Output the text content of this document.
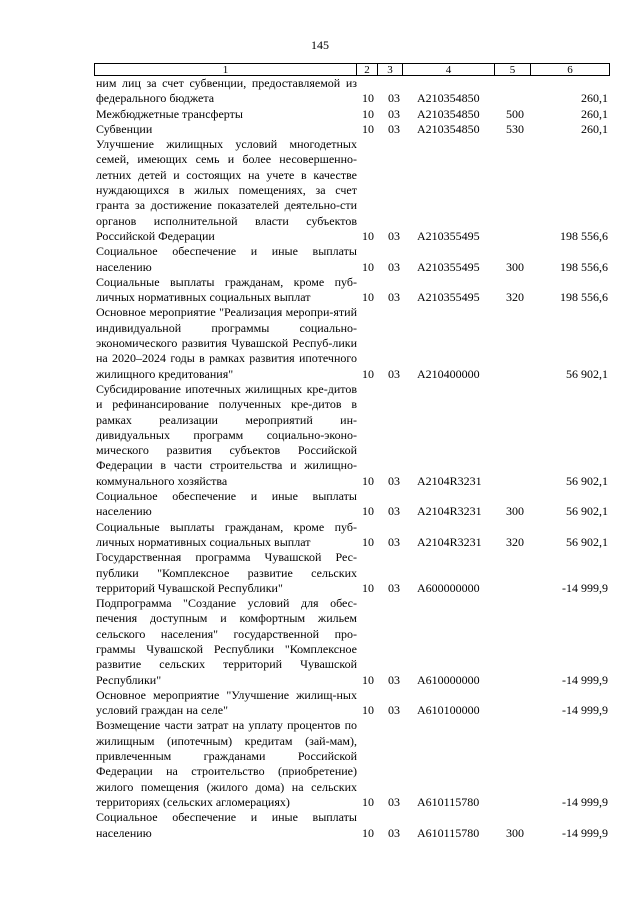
145
1	2	3	4	5	6
ним лиц за счет субвенции, предоставляемой из федерального бюджета	10 03 A210354850	260,1
Межбюджетные трансферты	10 03 A210354850 500	260,1
Субвенции	10 03 A210354850 530	260,1
Улучшение жилищных условий многодетных семей, имеющих семь и более несовершенно-летних детей и состоящих на учете в качестве нуждающихся в жилых помещениях, за счет гранта за достижение показателей деятельно-сти органов исполнительной власти субъектов Российской Федерации	10 03 A210355495	198 556,6
Социальное обеспечение и иные выплаты населению	10 03 A210355495 300	198 556,6
Социальные выплаты гражданам, кроме пуб-личных нормативных социальных выплат	10 03 A210355495 320	198 556,6
Основное мероприятие "Реализация меропри-ятий индивидуальной программы социально-экономического развития Чувашской Респуб-лики на 2020–2024 годы в рамках развития ипотечного жилищного кредитования"	10 03 A210400000	56 902,1
Субсидирование ипотечных жилищных кре-дитов и рефинансирование полученных кре-дитов в рамках реализации мероприятий ин-дивидуальных программ социально-эконо-мического развития субъектов Российской Федерации в части строительства и жилищно-коммунального хозяйства	10 03 A2104R3231	56 902,1
Социальное обеспечение и иные выплаты населению	10 03 A2104R3231 300	56 902,1
Социальные выплаты гражданам, кроме пуб-личных нормативных социальных выплат	10 03 A2104R3231 320	56 902,1
Государственная программа Чувашской Рес-публики "Комплексное развитие сельских территорий Чувашской Республики"	10 03 A600000000	-14 999,9
Подпрограмма "Создание условий для обес-печения доступным и комфортным жильем сельского населения" государственной про-граммы Чувашской Республики "Комплексное развитие сельских территорий Чувашской Республики"	10 03 A610000000	-14 999,9
Основное мероприятие "Улучшение жилищ-ных условий граждан на селе"	10 03 A610100000	-14 999,9
Возмещение части затрат на уплату процентов по жилищным (ипотечным) кредитам (зай-мам), привлеченным гражданами Российской Федерации на строительство (приобретение) жилого помещения (жилого дома) на сельских территориях (сельских агломерациях)	10 03 A610115780	-14 999,9
Социальное обеспечение и иные выплаты населению	10 03 A610115780 300	-14 999,9
